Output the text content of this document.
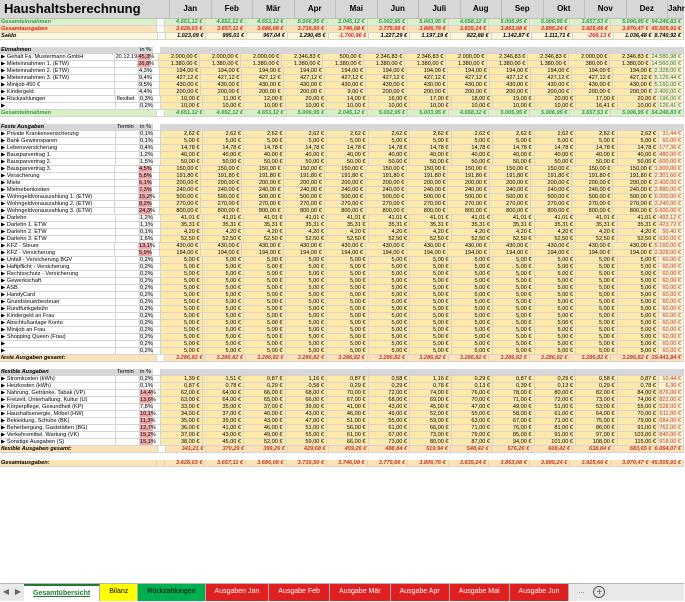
Haushaltsberechnung	Jan	Feb	Mär	Apr	Mai	Jun	Juli	Aug	Sep	Okt	Nov	Dez	Jahr
Gesamteinnahmen	4.651,12 €	4.652,12 €	4.653,12 €	5.006,95 €	2.045,12 €	5.002,95 €	5.003,95 €	4.658,12 €	5.005,95 €	5.006,95 €	3.657,53 €	5.006,95 € 54.246,83 €
Gesamtausgaben	3.628,03 €	3.657,11 €	3.686,08 €	3.716,50 €	3.746,08 €	3.775,66 €	3.806,76 €	3.835,24 €	3.863,08 €	3.895,24 €	3.925,66 €	3.970,47 € 45.505,91 €
Saldo	1.023,09 €	995,01 €	967,04 €	1.290,45 €	-1.700,96 €	1.227,29 €	1.197,19 €	822,88 €	1.142,87 €	1.111,71 €	-268,13 €	1.036,48 € 8.740,92 €
Einnahmen	in %
▶ Gehalt Fa. Mustermann GmbH	20.12.19 45,3%	2.000,00 €	2.000,00 €	2.000,00 €	2.346,83 €	500,00 €	2.346,83 €	2.346,83 €	2.000,00 €	2.346,83 €	2.346,83 €	2.000,00 €	2.346,83 € 24.580,98 €
▶ Mieteinnahmen 1. (ETW)	26,8%	1.380,00 €	1.380,00 €	1.380,00 €	1.380,00 €	1.380,00 €	1.380,00 €	1.380,00 €	1.380,00 €	1.380,00 €	1.380,00 €	380,00 €	1.380,00 € 14.560,00 €
▶ Mieteinnahmen 2. (ETW)	4,3%	194,00 €	194,00 €	194,00 €	194,00 €	194,00 €	194,00 €	194,00 €	194,00 €	194,00 €	194,00 €	194,00 €	194,00 € 2.328,00 €
▶ Mieteinnahmen 3. (ETW)	9,4%	427,12 €	427,12 €	427,12 €	427,12 €	427,12 €	427,12 €	427,12 €	427,12 €	427,12 €	427,12 €	427,12 €	427,12 € 5.125,44 €
▶ Minijob 450 €	9,5%	430,00 €	430,00 €	430,00 €	430,00 €	430,00 €	430,00 €	430,00 €	430,00 €	430,00 €	430,00 €	430,00 €	430,00 € 5.160,00 €
▶ Kindergeld	4,4%	200,00 €	200,00 €	200,00 €	200,00 €	9,00 €	200,00 €	200,00 €	200,00 €	200,00 €	200,00 €	200,00 €	200,00 € 2.400,00 €
▶ Rückzahlungen	flexibel 0,3%	10,00 €	11,00 €	12,00 €	20,00 €	14,00 €	16,00 €	17,00 €	18,00 €	19,00 €	20,00 €	17,00 €	20,00 € 196,00 €
▶	0,2%	10,00 €	10,00 €	10,00 €	10,00 €	10,00 €	10,00 €	10,00 €	10,00 €	10,00 €	10,00 €	16,41 €	10,00 € 126,41 €
Gesamteinnahmen	4.651,12 €	4.652,12 €	4.653,12 €	5.006,95 €	2.045,12 €	5.002,95 €	5.003,95 €	4.658,12 €	5.005,95 €	5.006,95 €	3.657,53 €	5.006,95 € 54.246,83 €
Feste Ausgaben	Termin	in %
▶ Private Krankenversicherung	0,1%	2,62 €	2,62 €	2,62 €	2,62 €	2,62 €	2,62 €	2,62 €	2,62 €	2,62 €	2,62 €	2,62 €	2,62 €	31,44 €
▶ Bank Gewinnsparen	0,1%	5,00 €	5,00 €	5,00 €	5,00 €	5,00 €	5,00 €	5,00 €	5,00 €	5,00 €	5,00 €	5,00 €	5,00 €	60,00 €
▶ Lebensversicherung	0,4%	14,78 €	14,78 €	14,78 €	14,78 €	14,78 €	14,78 €	14,78 €	14,78 €	14,78 €	14,78 €	14,78 €	14,78 € 177,36 €
▶ Bausparvertrag 1.	1,2%	40,00 €	40,00 €	40,00 €	40,00 €	40,00 €	40,00 €	40,00 €	40,00 €	40,00 €	40,00 €	40,00 €	40,00 € 480,00 €
▶ Bausparvertrag 2.	1,5%	50,00 €	50,00 €	50,00 €	50,00 €	50,00 €	50,00 €	50,00 €	50,00 €	50,00 €	50,00 €	50,00 €	50,00 € 600,00 €
▶ Bausparvertrag 3.	4,5%	150,00 €	150,00 €	150,00 €	150,00 €	150,00 €	150,00 €	150,00 €	150,00 €	150,00 €	150,00 €	150,00 €	150,00 € 1.800,00 €
▶ Versicherung	5,8%	191,80 €	191,80 €	191,80 €	191,80 €	191,80 €	191,80 €	191,80 €	191,80 €	191,80 €	191,80 €	191,80 €	191,80 € 2.301,60 €
▶ Miete	6,1%	200,00 €	200,00 €	200,00 €	200,00 €	200,00 €	200,00 €	200,00 €	200,00 €	200,00 €	200,00 €	200,00 €	200,00 € 2.400,00 €
▶ Mietnebenkosten	7,3%	240,00 €	240,00 €	240,00 €	240,00 €	240,00 €	240,00 €	240,00 €	240,00 €	240,00 €	240,00 €	240,00 €	240,00 € 2.880,00 €
▶ Wohngeldvorauszahlung 1. (ETW)	15,2%	500,00 €	500,00 €	500,00 €	500,00 €	500,00 €	500,00 €	500,00 €	500,00 €	500,00 €	500,00 €	500,00 €	500,00 € 6.000,00 €
▶ Wohngeldvorauszahlung 2. (ETW)	8,2%	270,00 €	270,00 €	270,00 €	270,00 €	270,00 €	270,00 €	270,00 €	270,00 €	270,00 €	270,00 €	270,00 €	270,00 € 3.240,00 €
▶ Wohngeldvorauszahlung 3. (ETW)	24,3%	800,00 €	800,00 €	800,00 €	800,00 €	800,00 €	800,00 €	800,00 €	800,00 €	800,00 €	800,00 €	800,00 €	800,00 € 9.600,00 €
▶ Darlehn	1,2%	41,01 €	41,01 €	41,01 €	41,01 €	41,01 €	41,01 €	41,01 €	41,01 €	41,01 €	41,01 €	41,01 €	41,01 € 492,12 €
▶ Darlehn 1. ETW	1,1%	35,31 €	35,31 €	35,31 €	35,31 €	35,31 €	35,31 €	35,31 €	35,31 €	35,31 €	35,31 €	35,31 €	35,31 € 423,72 €
▶ Darlehn 2. ETW	0,1%	4,20 €	4,20 €	4,20 €	4,20 €	4,20 €	4,20 €	4,20 €	4,20 €	4,20 €	4,20 €	4,20 €	4,20 €	50,40 €
▶ Darlehn 3. ETW	1,6%	52,50 €	52,50 €	52,50 €	52,50 €	52,50 €	52,50 €	52,50 €	52,50 €	52,50 €	52,50 €	52,50 €	52,50 € 630,00 €
▶ KFZ - Steuer	13,1%	430,00 €	430,00 €	430,00 €	430,00 €	430,00 €	430,00 €	430,00 €	430,00 €	430,00 €	430,00 €	430,00 €	430,00 € 5.160,00 €
▶ KFZ - Versicherung	5,9%	194,00 €	194,00 €	194,00 €	194,00 €	194,00 €	194,00 €	194,00 €	194,00 €	194,00 €	194,00 €	194,00 €	194,00 € 2.328,00 €
▶ Unfall - Versicherung BGV	0,2%	5,00 €	5,00 €	5,00 €	5,00 €	5,00 €	5,00 €	5,00 €	5,00 €	5,00 €	5,00 €	5,00 €	5,00 €	60,00 €
▶ Haftpflicht - Versicherung	0,2%	5,00 €	5,00 €	5,00 €	5,00 €	5,00 €	5,00 €	5,00 €	5,00 €	5,00 €	5,00 €	5,00 €	5,00 €	60,00 €
▶ Rechtsschutz - Versicherung	0,2%	5,00 €	5,00 €	5,00 €	5,00 €	5,00 €	5,00 €	5,00 €	5,00 €	5,00 €	5,00 €	5,00 €	5,00 €	60,00 €
▶ Gewerkschaft	0,2%	5,00 €	5,00 €	5,00 €	5,00 €	5,00 €	5,00 €	5,00 €	5,00 €	5,00 €	5,00 €	5,00 €	5,00 €	60,00 €
▶ ASB	0,2%	5,00 €	5,00 €	5,00 €	5,00 €	5,00 €	5,00 €	5,00 €	5,00 €	5,00 €	5,00 €	5,00 €	5,00 €	60,00 €
▶ HandyCard	0,2%	5,00 €	5,00 €	5,00 €	5,00 €	5,00 €	5,00 €	5,00 €	5,00 €	5,00 €	5,00 €	5,00 €	5,00 €	60,00 €
▶ Grundsteuerbesteuer	0,2%	5,00 €	5,00 €	5,00 €	5,00 €	5,00 €	5,00 €	5,00 €	5,00 €	5,00 €	5,00 €	5,00 €	5,00 €	60,00 €
▶ Rundfunkgebühr	0,2%	5,00 €	5,00 €	5,00 €	5,00 €	5,00 €	5,00 €	5,00 €	5,00 €	5,00 €	5,00 €	5,00 €	5,00 €	60,00 €
▶ Kindergeld an Frau	0,2%	5,00 €	5,00 €	5,00 €	5,00 €	5,00 €	5,00 €	5,00 €	5,00 €	5,00 €	5,00 €	5,00 €	5,00 €	60,00 €
▶ Abschlußanlage Konto	0,2%	5,00 €	5,00 €	5,00 €	5,00 €	5,00 €	5,00 €	5,00 €	5,00 €	5,00 €	5,00 €	5,00 €	5,00 €	60,00 €
▶ Minijob an Frau	0,2%	5,00 €	5,00 €	5,00 €	5,00 €	5,00 €	5,00 €	5,00 €	5,00 €	5,00 €	5,00 €	5,00 €	5,00 €	60,00 €
▶ Shopping Queen (Frau)	0,2%	5,00 €	5,00 €	5,00 €	5,00 €	5,00 €	5,00 €	5,00 €	5,00 €	5,00 €	5,00 €	5,00 €	5,00 €	60,00 €
▶	0,2%	5,00 €	5,00 €	5,00 €	5,00 €	5,00 €	5,00 €	5,00 €	5,00 €	5,00 €	5,00 €	5,00 €	5,00 €	60,00 €
▶	0,2%	5,00 €	5,00 €	5,00 €	5,00 €	5,00 €	5,00 €	5,00 €	5,00 €	5,00 €	5,00 €	5,00 €	5,00 €	60,00 €
feste Ausgaben gesamt:	3.286,82 €	3.286,82 €	3.286,82 €	3.286,82 €	3.286,82 €	3.286,82 €	3.286,82 €	3.286,82 €	3.286,82 €	3.286,82 €	3.286,82 €	3.286,82 € 39.441,84 €
flexible Ausgaben	Termin	in %
▶ Stromkosten (kWh)	0,2%	1,39 €	1,51 €	0,87 €	1,16 €	0,87 €	0,58 €	1,16 €	0,29 €	0,87 €	0,29 €	0,58 €	0,87 €	10,44 €
▶ Heizkosten (kWh)	0,1%	0,87 €	0,78 €	0,29 €	0,58 €	0,29 €	0,29 €	0,78 €	0,13 €	0,39 €	0,13 €	0,29 €	0,78 €	6,30 €
▶ Nahrung, Getränke, Tabak (VP)	14,4%	62,00 €	64,00 €	66,00 €	68,00 €	70,00 €	72,00 €	74,00 €	76,00 €	78,00 €	80,00 €	82,00 €	84,00 € 876,00 €
▶ Freizeit, Unterhaltung, Kultur (U)	13,6%	63,00 €	64,00 €	65,00 €	66,00 €	67,00 €	68,00 €	69,00 €	70,00 €	71,00 €	72,00 €	73,00 €	74,00 € 822,00 €
▶ Körperpflege, Gesundheit (KP)	7,8%	33,00 €	35,00 €	37,00 €	39,00 €	41,00 €	43,00 €	45,00 €	47,00 €	49,00 €	51,00 €	53,00 €	55,00 € 528,00 €
▶ Haushaltsenergie, Möbel (HW)	10,1%	34,00 €	37,00 €	40,00 €	43,00 €	46,00 €	49,00 €	52,00 €	55,00 €	58,00 €	61,00 €	64,00 €	70,00 € 611,00 €
▶ Bekleidung, Schuhe (BK)	11,3%	35,00 €	39,00 €	43,00 €	47,00 €	51,00 €	55,00 €	59,00 €	63,00 €	67,00 €	71,00 €	75,00 €	79,00 € 684,00 €
▶ Beherbergung, Gaststätten (BG)	12,7%	36,00 €	41,00 €	46,00 €	51,00 €	56,00 €	61,00 €	66,00 €	71,00 €	76,00 €	81,00 €	86,00 €	91,00 € 762,00 €
▶ Verkehrsmittel, Wartung (VK)	15,2%	37,00 €	43,00 €	49,00 €	55,00 €	61,00 €	67,00 €	73,00 €	79,00 €	85,00 €	91,00 €	97,00 €	103,00 € 840,00 €
▶ Sonstige Ausgaben (S)	15,1%	38,00 €	45,00 €	52,00 €	59,00 €	66,00 €	73,00 €	80,00 €	87,00 €	94,00 €	101,00 €	108,00 €	115,00 € 918,00 €
flexible Ausgaben gesamt:	341,21 €	370,29 €	399,26 €	429,68 €	459,26 €	488,84 €	519,94 €	548,42 €	576,26 €	608,42 €	638,84 €	683,65 € 6.064,07 €
Gesamtausgaben:	3.628,03 €	3.657,11 €	3.686,08 €	3.716,50 €	3.746,08 €	3.775,66 €	3.806,76 €	3.835,24 €	3.863,08 €	3.895,24 €	3.925,66 €	3.970,47 € 45.505,91 €
◀ ▶	Gesamtübersicht	Bilanz	Rückzahlungen	Ausgaben Jan	Ausgabe Feb	Ausgabe Mär	Ausgabe Apr	Ausgabe Mai	Ausgabe Jun	...	+
